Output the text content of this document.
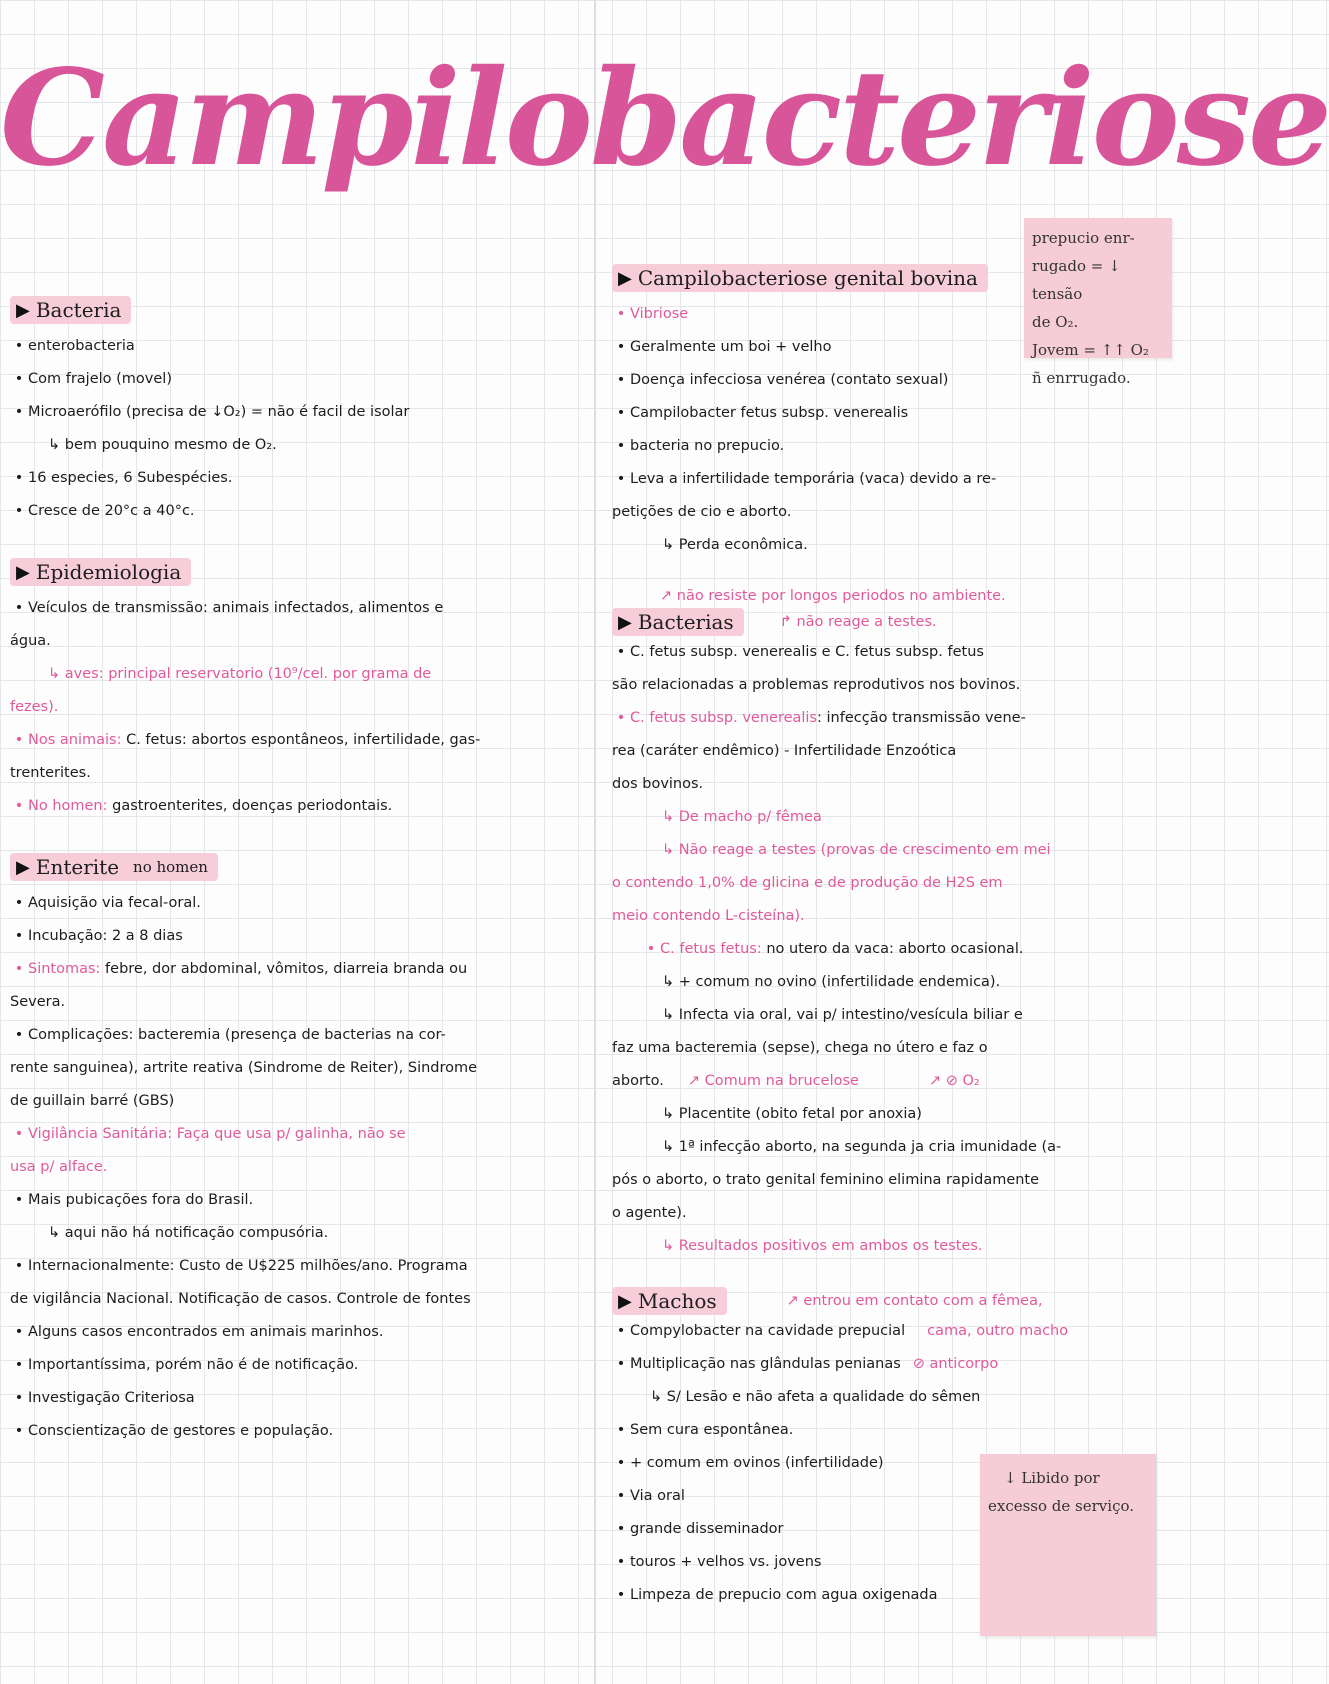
Campilobacteriose
▶ Bacteria
• enterobacteria
• Com frajelo (movel)
• Microaerófilo (precisa de ↓O₂) = não é facil de isolar
↳ bem pouquino mesmo de O₂.
• 16 especies, 6 Subespécies.
• Cresce de 20°c a 40°c.
▶ Epidemiologia
• Veículos de transmissão: animais infectados, alimentos e
água.
↳ aves: principal reservatorio (10⁹/cel. por grama de
fezes).
• Nos animais: C. fetus: abortos espontâneos, infertilidade, gas-
trenterites.
• No homen: gastroenterites, doenças periodontais.
▶ Enterite no homen
• Aquisição via fecal-oral.
• Incubação: 2 a 8 dias
• Sintomas: febre, dor abdominal, vômitos, diarreia branda ou
Severa.
• Complicações: bacteremia (presença de bacterias na cor-
rente sanguinea), artrite reativa (Sindrome de Reiter), Sindrome
de guillain barré (GBS)
• Vigilância Sanitária: Faça que usa p/ galinha, não se
usa p/ alface.
• Mais pubicações fora do Brasil.
↳ aqui não há notificação compusória.
• Internacionalmente: Custo de U$225 milhões/ano. Programa
de vigilância Nacional. Notificação de casos. Controle de fontes
• Alguns casos encontrados em animais marinhos.
• Importantíssima, porém não é de notificação.
• Investigação Criteriosa
• Conscientização de gestores e população.
▶ Campilobacteriose genital bovina
• Vibriose
• Geralmente um boi + velho
• Doença infecciosa venérea (contato sexual)
• Campilobacter fetus subsp. venerealis
• bacteria no prepucio.
• Leva a infertilidade temporária (vaca) devido a re-
petições de cio e aborto.
↳ Perda econômica.
↗ não resiste por longos periodos no ambiente.
▶ Bacterias	↱ não reage a testes.
• C. fetus subsp. venerealis e C. fetus subsp. fetus
são relacionadas a problemas reprodutivos nos bovinos.
• C. fetus subsp. venerealis: infecção transmissão vene-
rea (caráter endêmico) - Infertilidade Enzoótica
dos bovinos.
↳ De macho p/ fêmea
↳ Não reage a testes (provas de crescimento em mei
o contendo 1,0% de glicina e de produção de H2S em
meio contendo L-cisteína).
• C. fetus fetus: no utero da vaca: aborto ocasional.
↳ + comum no ovino (infertilidade endemica).
↳ Infecta via oral, vai p/ intestino/vesícula biliar e
faz uma bacteremia (sepse), chega no útero e faz o
aborto. ↗ Comum na brucelose	↗ ⊘ O₂
↳ Placentite (obito fetal por anoxia)
↳ 1ª infecção aborto, na segunda ja cria imunidade (a-
pós o aborto, o trato genital feminino elimina rapidamente
o agente).
↳ Resultados positivos em ambos os testes.
▶ Machos	↗ entrou em contato com a fêmea,
• Compylobacter na cavidade prepucial cama, outro macho
• Multiplicação nas glândulas penianas ⊘ anticorpo
↳ S/ Lesão e não afeta a qualidade do sêmen
• Sem cura espontânea.
• + comum em ovinos (infertilidade)
• Via oral
• grande disseminador
• touros + velhos vs. jovens
• Limpeza de prepucio com agua oxigenada
prepucio enr-
rugado = ↓ tensão
de O₂.
Jovem = ↑↑ O₂
ñ enrrugado.
↓ Libido por
excesso de serviço.
